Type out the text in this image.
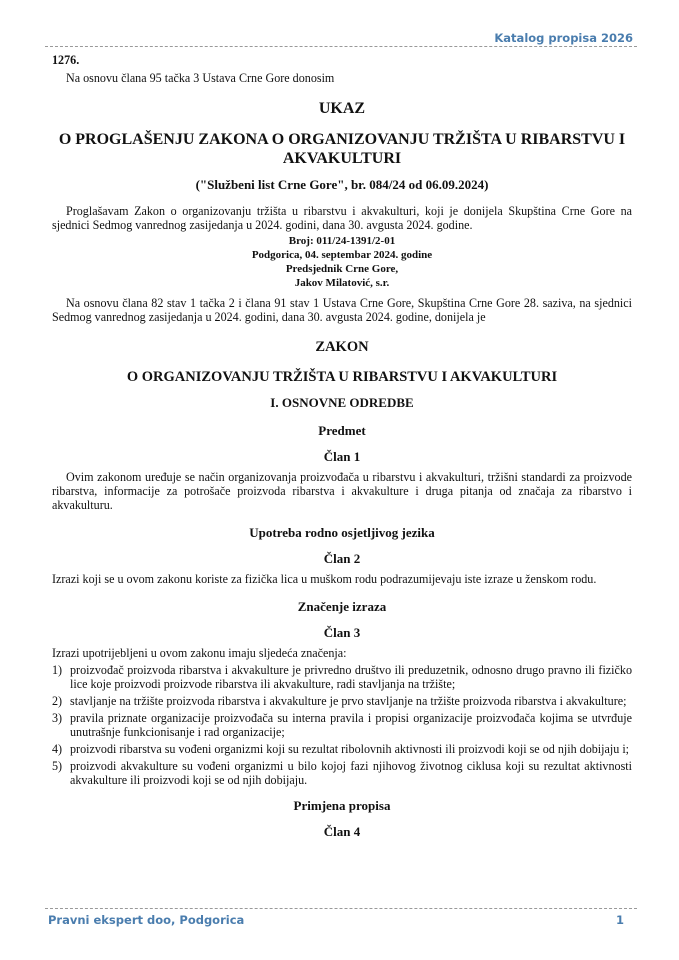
Katalog propisa 2026

1276.

Na osnovu člana 95 tačka 3 Ustava Crne Gore donosim

UKAZ

O PROGLAŠENJU ZAKONA O ORGANIZOVANJU TRŽIŠTA U RIBARSTVU I AKVAKULTURI

("Službeni list Crne Gore", br. 084/24 od 06.09.2024)

Proglašavam Zakon o organizovanju tržišta u ribarstvu i akvakulturi, koji je donijela Skupština Crne Gore na sjednici Sedmog vanrednog zasijedanja u 2024. godini, dana 30. avgusta 2024. godine.

Broj: 011/24-1391/2-01

Podgorica, 04. septembar 2024. godine

Predsjednik Crne Gore,

Jakov Milatović, s.r.

Na osnovu člana 82 stav 1 tačka 2 i člana 91 stav 1 Ustava Crne Gore, Skupština Crne Gore 28. saziva, na sjednici Sedmog vanrednog zasijedanja u 2024. godini, dana 30. avgusta 2024. godine, donijela je

ZAKON

O ORGANIZOVANJU TRŽIŠTA U RIBARSTVU I AKVAKULTURI

I. OSNOVNE ODREDBE

Predmet

Član 1

Ovim zakonom uređuje se način organizovanja proizvođača u ribarstvu i akvakulturi, tržišni standardi za proizvode ribarstva, informacije za potrošače proizvoda ribarstva i akvakulture i druga pitanja od značaja za ribarstvo i akvakulturu.

Upotreba rodno osjetljivog jezika

Član 2

Izrazi koji se u ovom zakonu koriste za fizička lica u muškom rodu podrazumijevaju iste izraze u ženskom rodu.

Značenje izraza

Član 3

Izrazi upotrijebljeni u ovom zakonu imaju sljedeća značenja:

1) proizvođač proizvoda ribarstva i akvakulture je privredno društvo ili preduzetnik, odnosno drugo pravno ili fizičko lice koje proizvodi proizvode ribarstva ili akvakulture, radi stavljanja na tržište;
2) stavljanje na tržište proizvoda ribarstva i akvakulture je prvo stavljanje na tržište proizvoda ribarstva i akvakulture;
3) pravila priznate organizacije proizvođača su interna pravila i propisi organizacije proizvođača kojima se utvrđuje unutrašnje funkcionisanje i rad organizacije;
4) proizvodi ribarstva su vođeni organizmi koji su rezultat ribolovnih aktivnosti ili proizvodi koji se od njih dobijaju i;
5) proizvodi akvakulture su vođeni organizmi u bilo kojoj fazi njihovog životnog ciklusa koji su rezultat aktivnosti akvakulture ili proizvodi koji se od njih dobijaju.

Primjena propisa

Član 4

Pravni ekspert doo, Podgorica	1
